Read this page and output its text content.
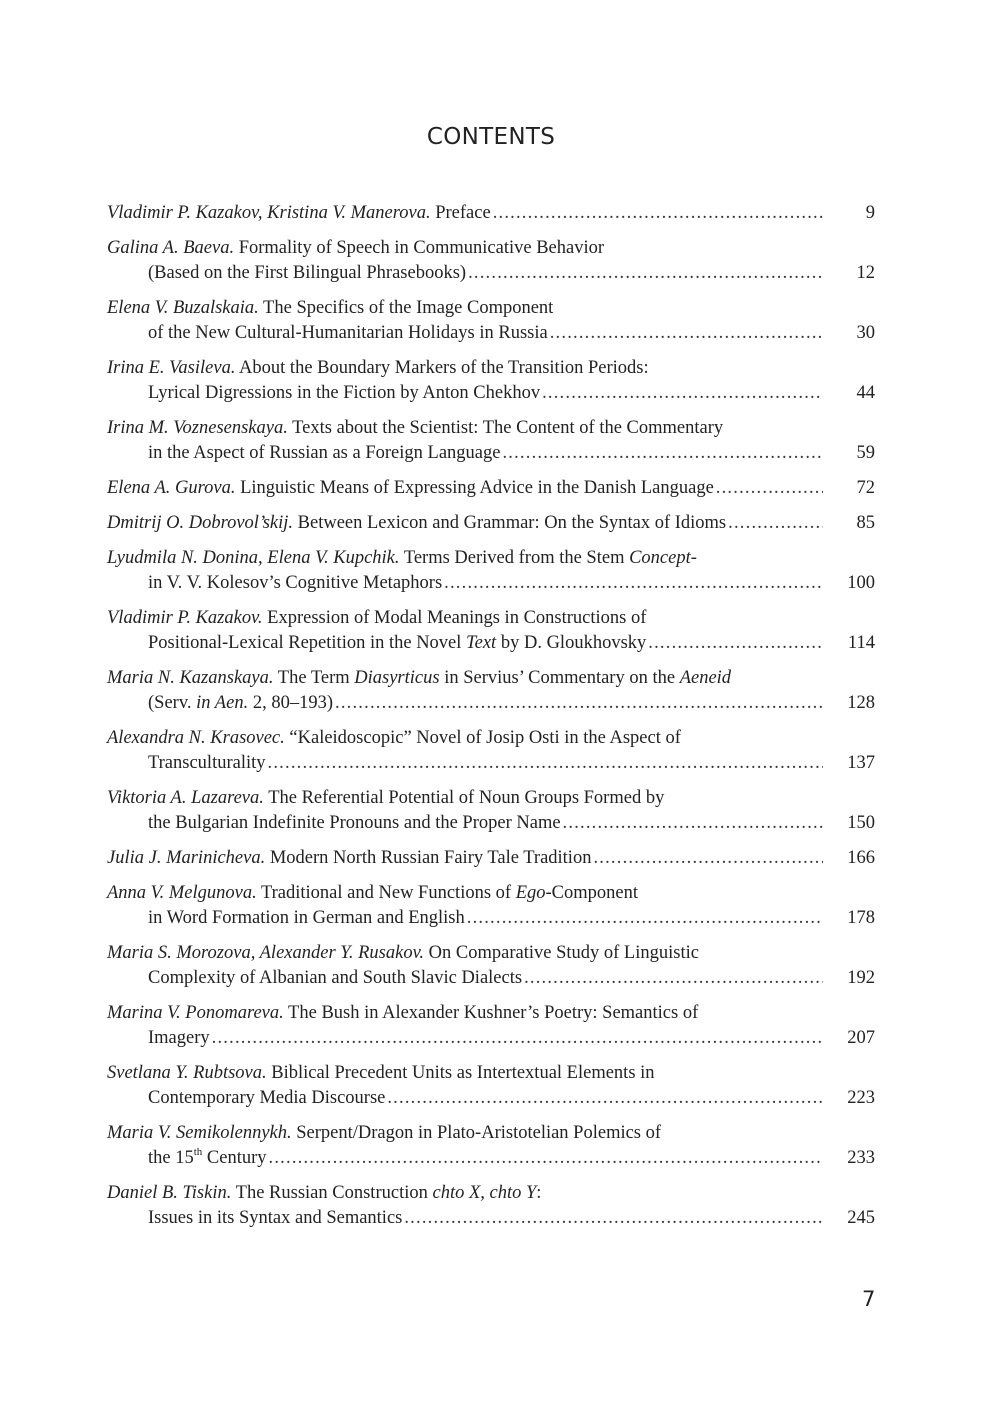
CONTENTS
Vladimir P. Kazakov, Kristina V. Manerova. Preface .....	9
Galina A. Baeva. Formality of Speech in Communicative Behavior
(Based on the First Bilingual Phrasebooks) .....	12
Elena V. Buzalskaia. The Specifics of the Image Component
of the New Cultural-Humanitarian Holidays in Russia .....	30
Irina E. Vasileva. About the Boundary Markers of the Transition Periods:
Lyrical Digressions in the Fiction by Anton Chekhov .....	44
Irina M. Voznesenskaya. Texts about the Scientist: The Content of the Commentary
in the Aspect of Russian as a Foreign Language .....	59
Elena A. Gurova. Linguistic Means of Expressing Advice in the Danish Language .....	72
Dmitrij O. Dobrovol’skij. Between Lexicon and Grammar: On the Syntax of Idioms .....	85
Lyudmila N. Donina, Elena V. Kupchik. Terms Derived from the Stem Concept-
in V. V. Kolesov’s Cognitive Metaphors .....	100
Vladimir P. Kazakov. Expression of Modal Meanings in Constructions of
Positional-Lexical Repetition in the Novel Text by D. Gloukhovsky .....	114
Maria N. Kazanskaya. The Term Diasyrticus in Servius’ Commentary on the Aeneid
(Serv. in Aen. 2, 80–193) .....	128
Alexandra N. Krasovec. “Kaleidoscopic” Novel of Josip Osti in the Aspect of
Transculturality .....	137
Viktoria A. Lazareva. The Referential Potential of Noun Groups Formed by
the Bulgarian Indefinite Pronouns and the Proper Name .....	150
Julia J. Marinicheva. Modern North Russian Fairy Tale Tradition .....	166
Anna V. Melgunova. Traditional and New Functions of Ego-Component
in Word Formation in German and English .....	178
Maria S. Morozova, Alexander Y. Rusakov. On Comparative Study of Linguistic
Complexity of Albanian and South Slavic Dialects .....	192
Marina V. Ponomareva. The Bush in Alexander Kushner’s Poetry: Semantics of
Imagery .....	207
Svetlana Y. Rubtsova. Biblical Precedent Units as Intertextual Elements in
Contemporary Media Discourse .....	223
Maria V. Semikolennykh. Serpent/Dragon in Plato-Aristotelian Polemics of
the 15th Century .....	233
Daniel B. Tiskin. The Russian Construction chto X, chto Y:
Issues in its Syntax and Semantics .....	245
7
